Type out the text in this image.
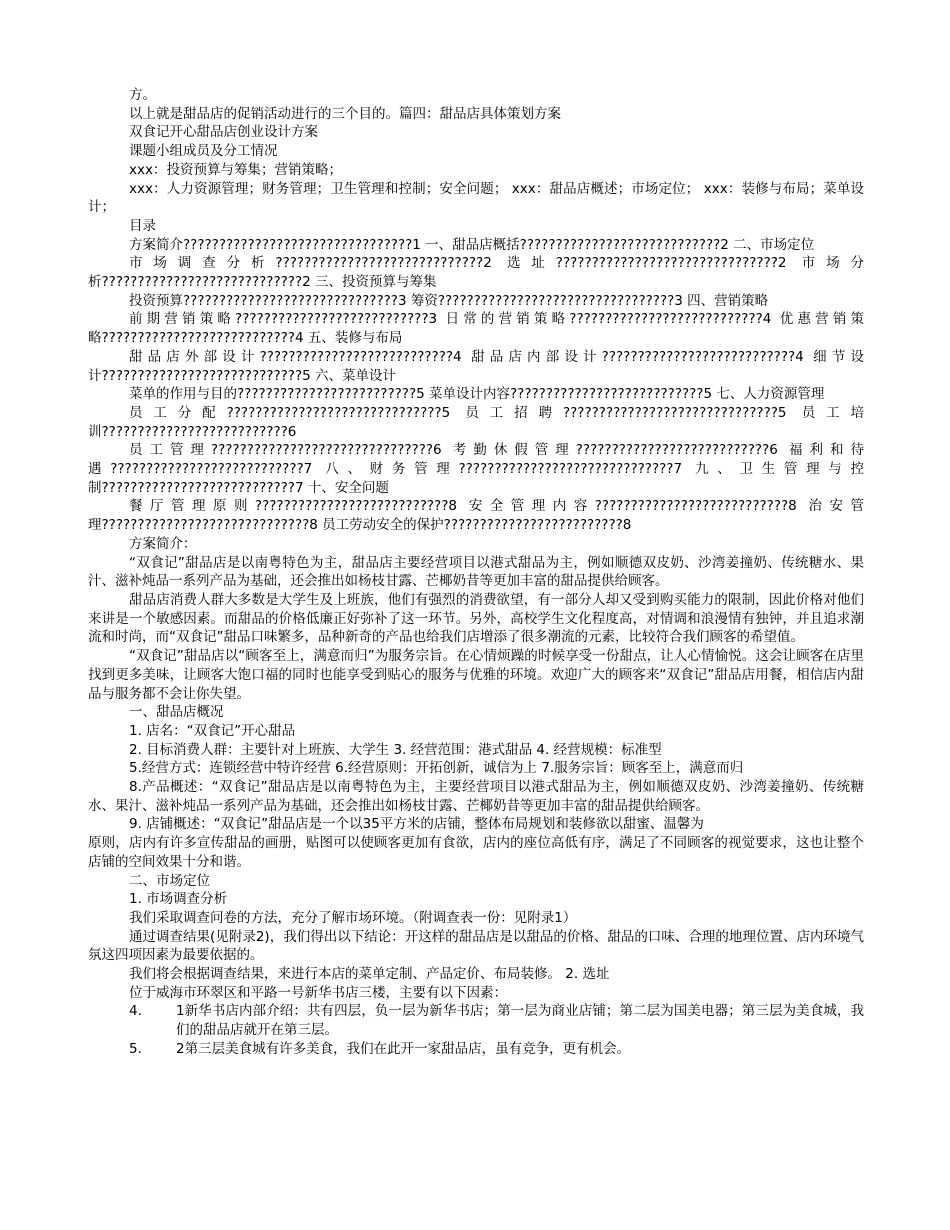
方。

以上就是甜品店的促销活动进行的三个目的。篇四：甜品店具体策划方案

双食记开心甜品店创业设计方案

课题小组成员及分工情况

xxx：投资预算与筹集；营销策略；

xxx：人力资源管理；财务管理；卫生管理和控制；安全问题； xxx：甜品店概述；市场定位； xxx：装修与布局；菜单设计；

目录

方案简介????????????????????????????????1 一、甜品店概括????????????????????????????2 二、市场定位

市场调查分析?????????????????????????????2 选址???????????????????????????????2 市场分析????????????????????????????2 三、投资预算与筹集

投资预算??????????????????????????????3 筹资?????????????????????????????????3 四、营销策略

前期营销策略???????????????????????????3 日常的营销策略???????????????????????????4 优惠营销策略???????????????????????????4 五、装修与布局

甜品店外部设计???????????????????????????4 甜品店内部设计???????????????????????????4 细节设计????????????????????????????5 六、菜单设计

菜单的作用与目的?????????????????????????5 菜单设计内容???????????????????????????5 七、人力资源管理

员工分配??????????????????????????????5 员工招聘??????????????????????????????5 员工培训??????????????????????????6

员工管理???????????????????????????????6 考勤休假管理???????????????????????????6 福利和待遇???????????????????????????7 八、财务管理??????????????????????????????7 九、卫生管理与控制???????????????????????????7 十、安全问题

餐厅管理原则???????????????????????????8 安全管理内容???????????????????????????8 治安管理?????????????????????????????8 员工劳动安全的保护?????????????????????????8

方案简介：

“双食记”甜品店是以南粤特色为主，甜品店主要经营项目以港式甜品为主，例如顺德双皮奶、沙湾姜撞奶、传统糖水、果汁、滋补炖品一系列产品为基础，还会推出如杨枝甘露、芒椰奶昔等更加丰富的甜品提供给顾客。

甜品店消费人群大多数是大学生及上班族，他们有强烈的消费欲望，有一部分人却又受到购买能力的限制，因此价格对他们来讲是一个敏感因素。而甜品的价格低廉正好弥补了这一环节。另外，高校学生文化程度高，对情调和浪漫情有独钟，并且追求潮流和时尚，而“双食记”甜品口味繁多，品种新奇的产品也给我们店增添了很多潮流的元素，比较符合我们顾客的希望值。

“双食记”甜品店以“顾客至上，满意而归”为服务宗旨。在心情烦躁的时候享受一份甜点，让人心情愉悦。这会让顾客在店里找到更多美味，让顾客大饱口福的同时也能享受到贴心的服务与优雅的环境。欢迎广大的顾客来“双食记”甜品店用餐，相信店内甜品与服务都不会让你失望。

一、甜品店概况

1. 店名：“双食记”开心甜品

2. 目标消费人群：主要针对上班族、大学生 3. 经营范围：港式甜品 4. 经营规模：标准型

5.经营方式：连锁经营中特许经营 6.经营原则：开拓创新，诚信为上 7.服务宗旨：顾客至上，满意而归

8.产品概述：“双食记”甜品店是以南粤特色为主，主要经营项目以港式甜品为主，例如顺德双皮奶、沙湾姜撞奶、传统糖水、果汁、滋补炖品一系列产品为基础，还会推出如杨枝甘露、芒椰奶昔等更加丰富的甜品提供给顾客。

9. 店铺概述：“双食记”甜品店是一个以35平方米的店铺，整体布局规划和装修欲以甜蜜、温馨为

原则，店内有许多宣传甜品的画册，贴图可以使顾客更加有食欲，店内的座位高低有序，满足了不同顾客的视觉要求，这也让整个店铺的空间效果十分和谐。

二、市场定位

1. 市场调查分析

我们采取调查问卷的方法，充分了解市场环境。（附调查表一份：见附录1）

通过调查结果(见附录2)，我们得出以下结论：开这样的甜品店是以甜品的价格、甜品的口味、合理的地理位置、店内环境气氛这四项因素为最要依据的。

我们将会根据调查结果，来进行本店的菜单定制、产品定价、布局装修。 2. 选址

位于威海市环翠区和平路一号新华书店三楼，主要有以下因素：

4.	1新华书店内部介绍：共有四层，负一层为新华书店；第一层为商业店铺；第二层为国美电器；第三层为美食城，我们的甜品店就开在第三层。
5.	2第三层美食城有许多美食，我们在此开一家甜品店，虽有竞争，更有机会。
